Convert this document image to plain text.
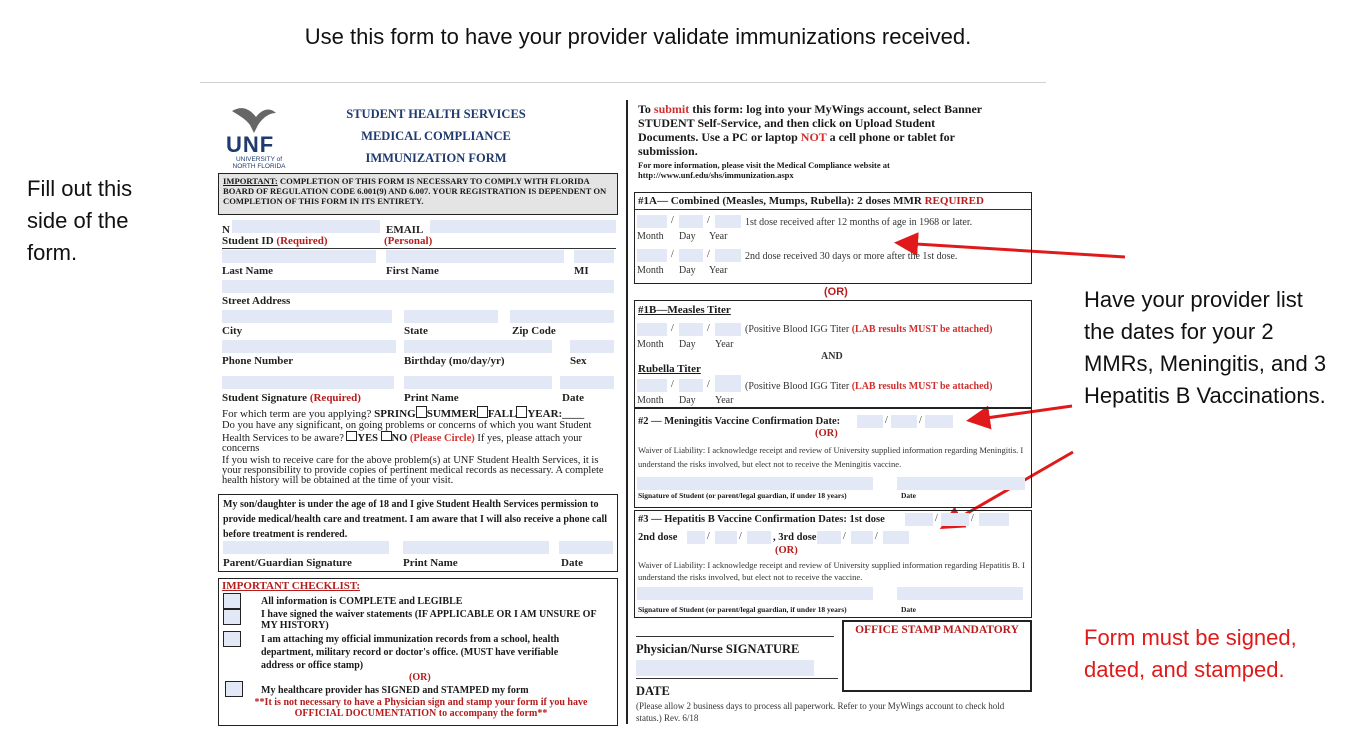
Use this form to have your provider validate immunizations received.
Fill out this side of the form.
Have your provider list the dates for your 2 MMRs, Meningitis, and 3 Hepatitis B Vaccinations.
Form must be signed, dated, and stamped.
UNF
UNIVERSITY of NORTH FLORIDA
STUDENT HEALTH SERVICES
MEDICAL COMPLIANCE
IMMUNIZATION FORM
IMPORTANT: COMPLETION OF THIS FORM IS NECESSARY TO COMPLY WITH FLORIDA BOARD OF REGULATION CODE 6.001(9) AND 6.007. YOUR REGISTRATION IS DEPENDENT ON COMPLETION OF THIS FORM IN ITS ENTIRETY.
N	EMAIL
Student ID (Required)	(Personal)
Last Name	First Name	MI
Street Address
City	State	Zip Code
Phone Number	Birthday (mo/day/yr)	Sex
Student Signature (Required)	Print Name	Date
For which term are you applying? SPRING SUMMER FALL YEAR:____
Do you have any significant, on going problems or concerns of which you want Student Health Services to be aware? YES NO (Please Circle) If yes, please attach your concerns
If you wish to receive care for the above problem(s) at UNF Student Health Services, it is your responsibility to provide copies of pertinent medical records as necessary. A complete health history will be obtained at the time of your visit.
My son/daughter is under the age of 18 and I give Student Health Services permission to provide medical/health care and treatment. I am aware that I will also receive a phone call before treatment is rendered.
Parent/Guardian Signature	Print Name	Date
IMPORTANT CHECKLIST:
All information is COMPLETE and LEGIBLE
I have signed the waiver statements (IF APPLICABLE OR I AM UNSURE OF MY HISTORY)
I am attaching my official immunization records from a school, health department, military record or doctor's office. (MUST have verifiable address or office stamp)
(OR)
My healthcare provider has SIGNED and STAMPED my form
**It is not necessary to have a Physician sign and stamp your form if you have OFFICIAL DOCUMENTATION to accompany the form**
To submit this form: log into your MyWings account, select Banner STUDENT Self-Service, and then click on Upload Student Documents. Use a PC or laptop NOT a cell phone or tablet for submission.
For more information, please visit the Medical Compliance website at http://www.unf.edu/shs/immunization.aspx
#1A— Combined (Measles, Mumps, Rubella): 2 doses MMR REQUIRED
/	/	1st dose received after 12 months of age in 1968 or later.
Month Day Year
/	/	2nd dose received 30 days or more after the 1st dose.
Month Day Year
(OR)
#1B—Measles Titer
/	/	(Positive Blood IGG Titer (LAB results MUST be attached)
Month Day Year
AND
Rubella Titer
/	/	(Positive Blood IGG Titer (LAB results MUST be attached)
Month Day Year
#2 — Meningitis Vaccine Confirmation Date:	/	/
(OR)
Waiver of Liability: I acknowledge receipt and review of University supplied information regarding Meningitis. I understand the risks involved, but elect not to receive the Meningitis vaccine.
Signature of Student (or parent/legal guardian, if under 18 years)	Date
#3 — Hepatitis B Vaccine Confirmation Dates: 1st dose	/	/
2nd dose	/	/	, 3rd dose	/	/
(OR)
Waiver of Liability: I acknowledge receipt and review of University supplied information regarding Hepatitis B. I understand the risks involved, but elect not to receive the vaccine.
Signature of Student (or parent/legal guardian, if under 18 years)	Date
Physician/Nurse SIGNATURE
DATE
OFFICE STAMP MANDATORY
(Please allow 2 business days to process all paperwork. Refer to your MyWings account to check hold status.) Rev. 6/18
